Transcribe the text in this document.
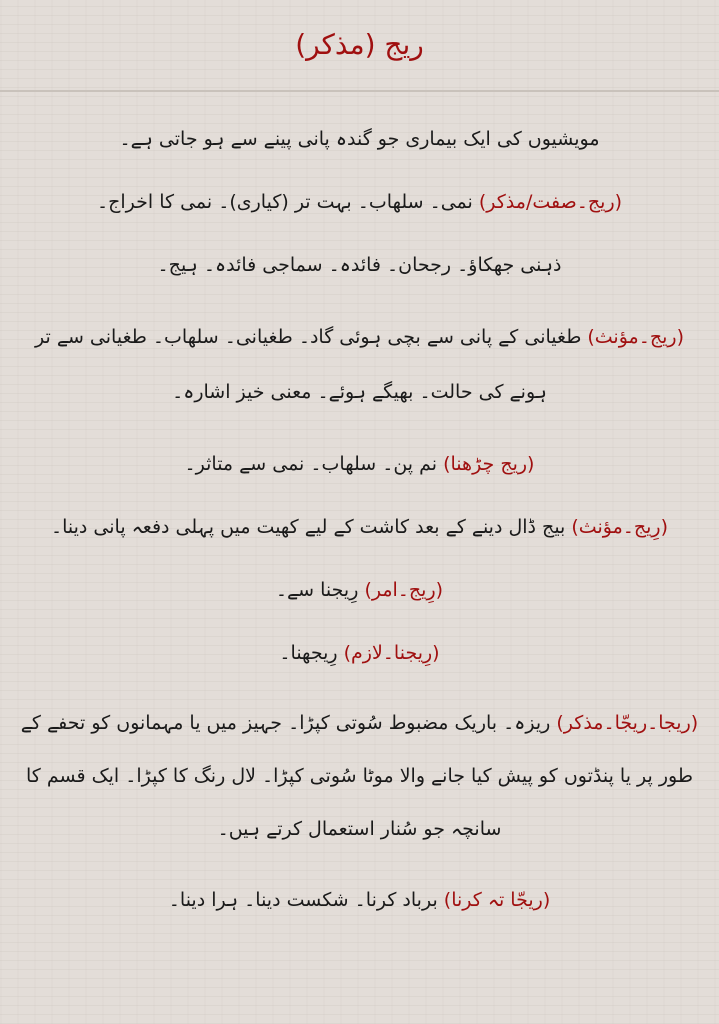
ریج (مذکر)

مویشیوں کی ایک بیماری جو گندہ پانی پینے سے ہو جاتی ہے۔

(ریج۔صفت/مذکر) نمی۔ سلھاب۔ بہت تر (کیاری)۔ نمی کا اخراج۔

ذہنی جھکاؤ۔ رجحان۔ فائدہ۔ سماجی فائدہ۔ ہیج۔

(ریج۔مؤنث) طغیانی کے پانی سے بچی ہوئی گاد۔ طغیانی۔ سلھاب۔ طغیانی سے تر ہونے کی حالت۔ بھیگے ہوئے۔ معنی خیز اشارہ۔

(ریج چڑھنا) نم پن۔ سلھاب۔ نمی سے متاثر۔

(رِیج۔مؤنث) بیج ڈال دینے کے بعد کاشت کے لیے کھیت میں پہلی دفعہ پانی دینا۔

(رِیج۔امر) رِیجنا سے۔

(رِیجنا۔لازم) رِیجھنا۔

(ریجا۔ریجّا۔مذکر) ریزہ۔ باریک مضبوط سُوتی کپڑا۔ جہیز میں یا مہمانوں کو تحفے کے طور پر یا پنڈتوں کو پیش کیا جانے والا موٹا سُوتی کپڑا۔ لال رنگ کا کپڑا۔ ایک قسم کا سانچہ جو سُنار استعمال کرتے ہیں۔

(ریجّا تہ کرنا) برباد کرنا۔ شکست دینا۔ ہرا دینا۔
